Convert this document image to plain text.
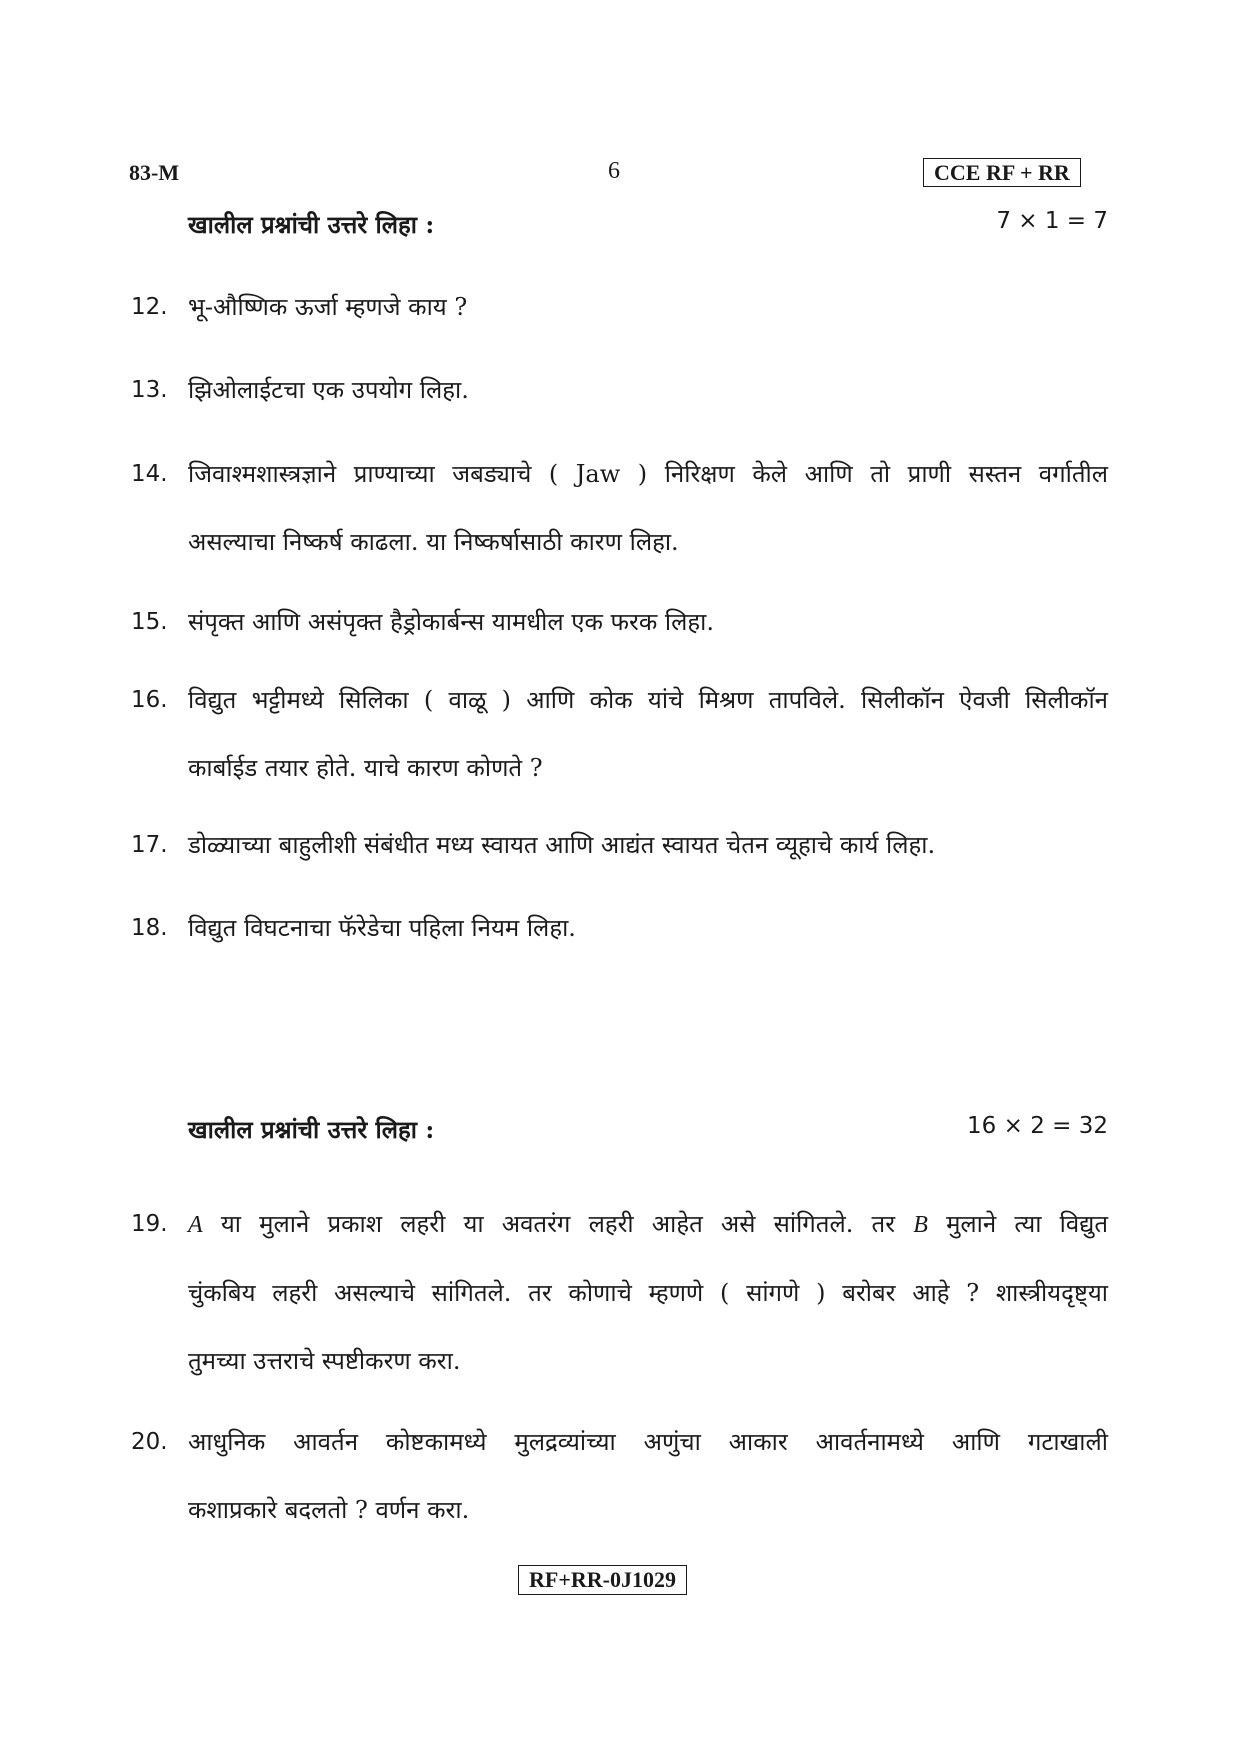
83-M	6	CCE RF + RR
खालील प्रश्नांची उत्तरे लिहा :	7 × 1 = 7
12. भू-औष्णिक ऊर्जा म्हणजे काय ?
13. झिओलाईटचा एक उपयोग लिहा.
14. जिवाश्मशास्त्रज्ञाने प्राण्याच्या जबड्याचे ( Jaw ) निरिक्षण केले आणि तो प्राणी सस्तन वर्गातील
असल्याचा निष्कर्ष काढला. या निष्कर्षासाठी कारण लिहा.
15. संपृक्त आणि असंपृक्त हैड्रोकार्बन्स यामधील एक फरक लिहा.
16. विद्युत भट्टीमध्ये सिलिका ( वाळू ) आणि कोक यांचे मिश्रण तापविले. सिलीकॉन ऐवजी सिलीकॉन
कार्बाईड तयार होते. याचे कारण कोणते ?
17. डोळ्याच्या बाहुलीशी संबंधीत मध्य स्वायत आणि आद्यंत स्वायत चेतन व्यूहाचे कार्य लिहा.
18. विद्युत विघटनाचा फॅरेडेचा पहिला नियम लिहा.
खालील प्रश्नांची उत्तरे लिहा :	16 × 2 = 32
19. A या मुलाने प्रकाश लहरी या अवतरंग लहरी आहेत असे सांगितले. तर B मुलाने त्या विद्युत
चुंकबिय लहरी असल्याचे सांगितले. तर कोणाचे म्हणणे ( सांगणे ) बरोबर आहे ? शास्त्रीयदृष्ट्या
तुमच्या उत्तराचे स्पष्टीकरण करा.
20. आधुनिक आवर्तन कोष्टकामध्ये मुलद्रव्यांच्या अणुंचा आकार आवर्तनामध्ये आणि गटाखाली
कशाप्रकारे बदलतो ? वर्णन करा.
RF+RR-0J1029
